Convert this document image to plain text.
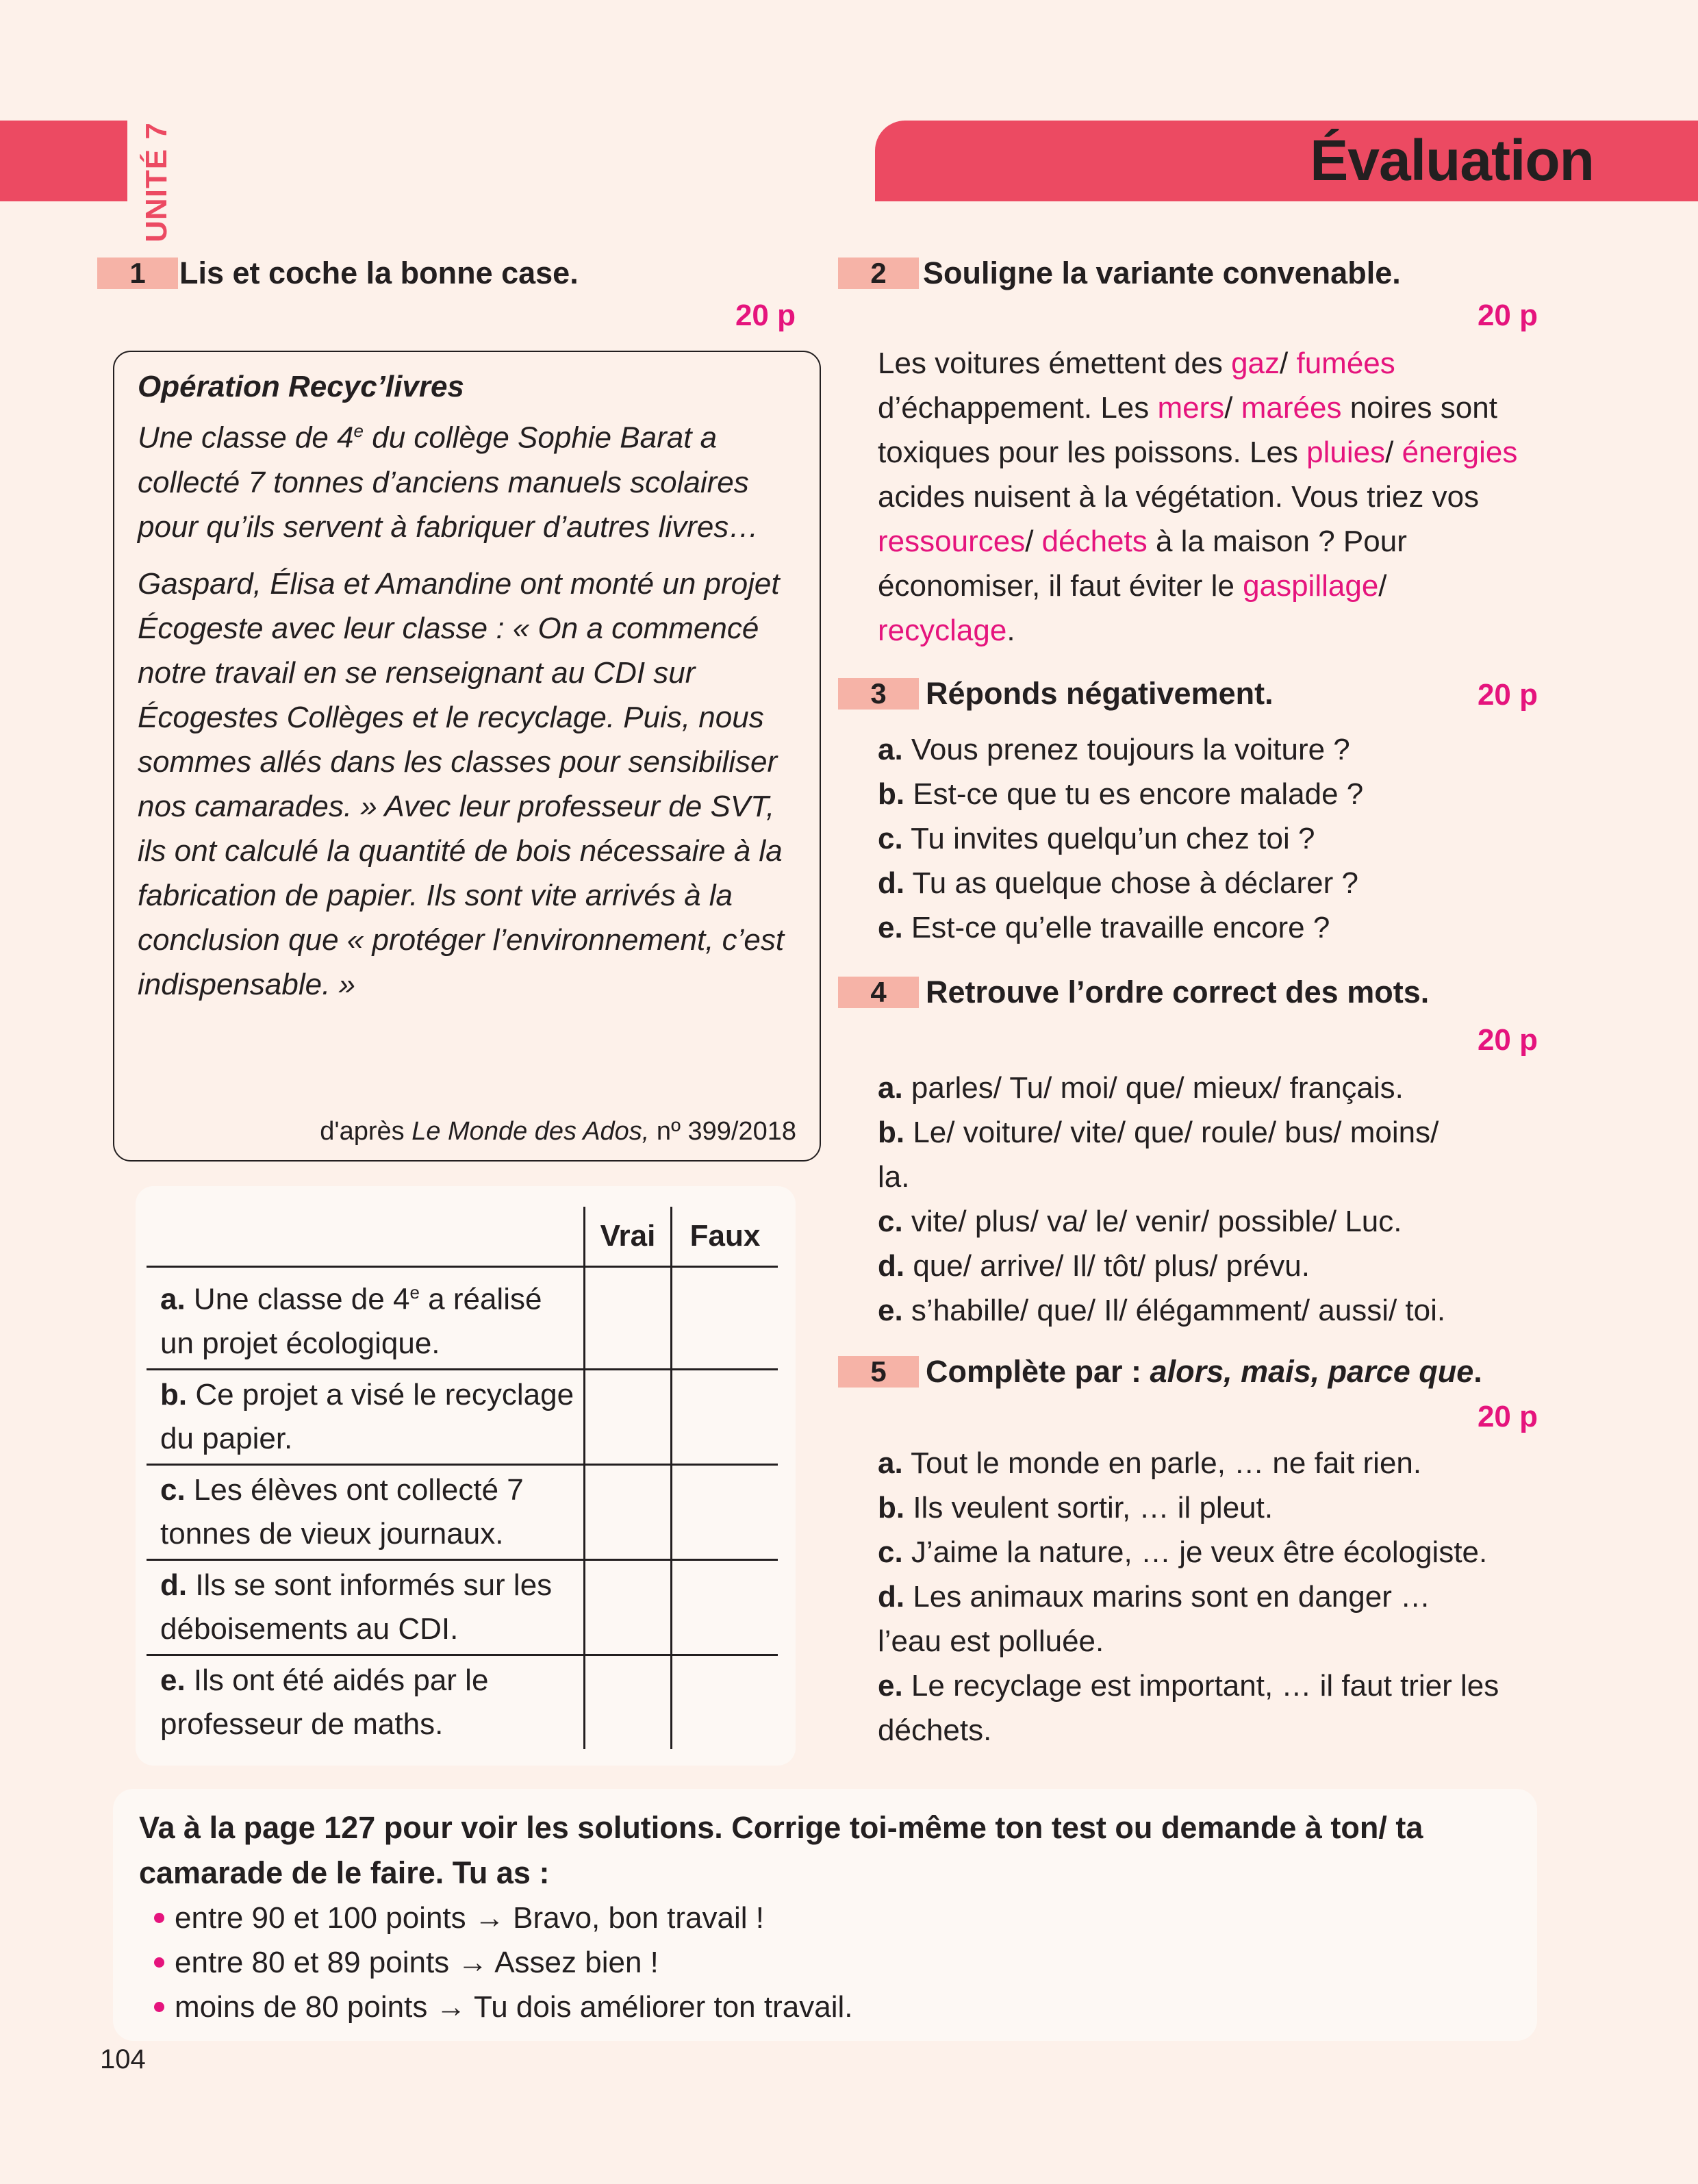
Évaluation
UNITÉ 7
1	Lis et coche la bonne case.
20 p
Opération Recyc’livres
Une classe de 4e du collège Sophie Barat a collecté 7 tonnes d’anciens manuels scolaires pour qu’ils servent à fabriquer d’autres livres…
Gaspard, Élisa et Amandine ont monté un projet Écogeste avec leur classe : « On a commencé notre travail en se renseignant au CDI sur Écogestes Collèges et le recyclage. Puis, nous sommes allés dans les classes pour sensibiliser nos camarades. » Avec leur professeur de SVT, ils ont calculé la quantité de bois nécessaire à la fabrication de papier. Ils sont vite arrivés à la conclusion que « protéger l’environnement, c’est indispensable. »
d'après Le Monde des Ados, nº 399/2018
	Vrai	Faux
a. Une classe de 4e a réalisé un projet écologique.		
b. Ce projet a visé le recyclage du papier.		
c. Les élèves ont collecté 7 tonnes de vieux journaux.		
d. Ils se sont informés sur les déboisements au CDI.		
e. Ils ont été aidés par le professeur de maths.		
2	Souligne la variante convenable.
20 p
Les voitures émettent des gaz/ fumées d’échappement. Les mers/ marées noires sont toxiques pour les poissons. Les pluies/ énergies acides nuisent à la végétation. Vous triez vos ressources/ déchets à la maison ? Pour économiser, il faut éviter le gaspillage/ recyclage.
3	Réponds négativement.	20 p
a. Vous prenez toujours la voiture ?
b. Est-ce que tu es encore malade ?
c. Tu invites quelqu’un chez toi ?
d. Tu as quelque chose à déclarer ?
e. Est-ce qu’elle travaille encore ?
4	Retrouve l’ordre correct des mots.
20 p
a. parles/ Tu/ moi/ que/ mieux/ français.
b. Le/ voiture/ vite/ que/ roule/ bus/ moins/ la.
c. vite/ plus/ va/ le/ venir/ possible/ Luc.
d. que/ arrive/ Il/ tôt/ plus/ prévu.
e. s’habille/ que/ Il/ élégamment/ aussi/ toi.
5	Complète par : alors, mais, parce que.
20 p
a. Tout le monde en parle, … ne fait rien.
b. Ils veulent sortir, … il pleut.
c. J’aime la nature, … je veux être écologiste.
d. Les animaux marins sont en danger … l’eau est polluée.
e. Le recyclage est important, … il faut trier les déchets.
Va à la page 127 pour voir les solutions. Corrige toi-même ton test ou demande à ton/ ta camarade de le faire. Tu as :
entre 90 et 100 points → Bravo, bon travail !
entre 80 et 89 points → Assez bien !
moins de 80 points → Tu dois améliorer ton travail.
104
